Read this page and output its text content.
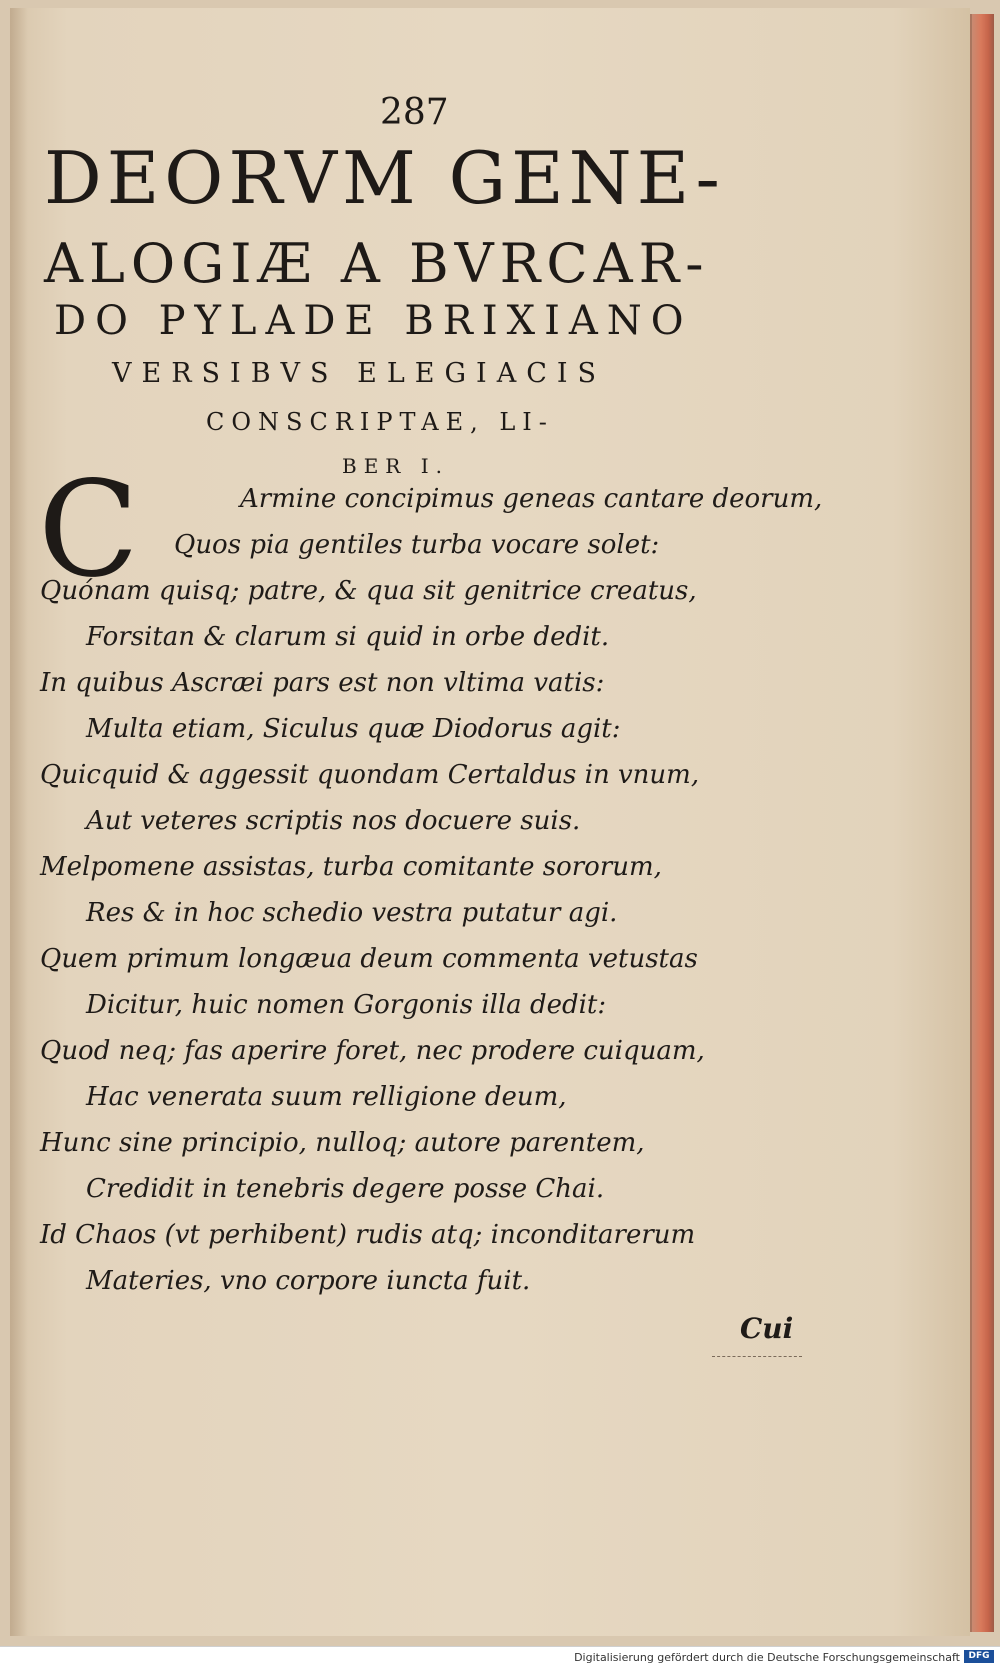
287
DEORVM GENE-
ALOGIÆ A BVRCAR-
DO PYLADE BRIXIANO
VERSIBVS ELEGIACIS
CONSCRIPTAE, LI-
BER I.
C	Armine concipimus geneas cantare deorum,
Quos pia gentiles turba vocare solet:
Quónam quisq; patre, & qua sit genitrice creatus,
Forsitan & clarum si quid in orbe dedit.
In quibus Ascræi pars est non vltima vatis:
Multa etiam, Siculus quæ Diodorus agit:
Quicquid & aggessit quondam Certaldus in vnum,
Aut veteres scriptis nos docuere suis.
Melpomene assistas, turba comitante sororum,
Res & in hoc schedio vestra putatur agi.
Quem primum longæua deum commenta vetustas
Dicitur, huic nomen Gorgonis illa dedit:
Quod neq; fas aperire foret, nec prodere cuiquam,
Hac venerata suum relligione deum,
Hunc sine principio, nulloq; autore parentem,
Credidit in tenebris degere posse Chai.
Id Chaos (vt perhibent) rudis atq; inconditarerum
Materies, vno corpore iuncta fuit.
Cui
Digitalisierung gefördert durch die Deutsche Forschungsgemeinschaft DFG
